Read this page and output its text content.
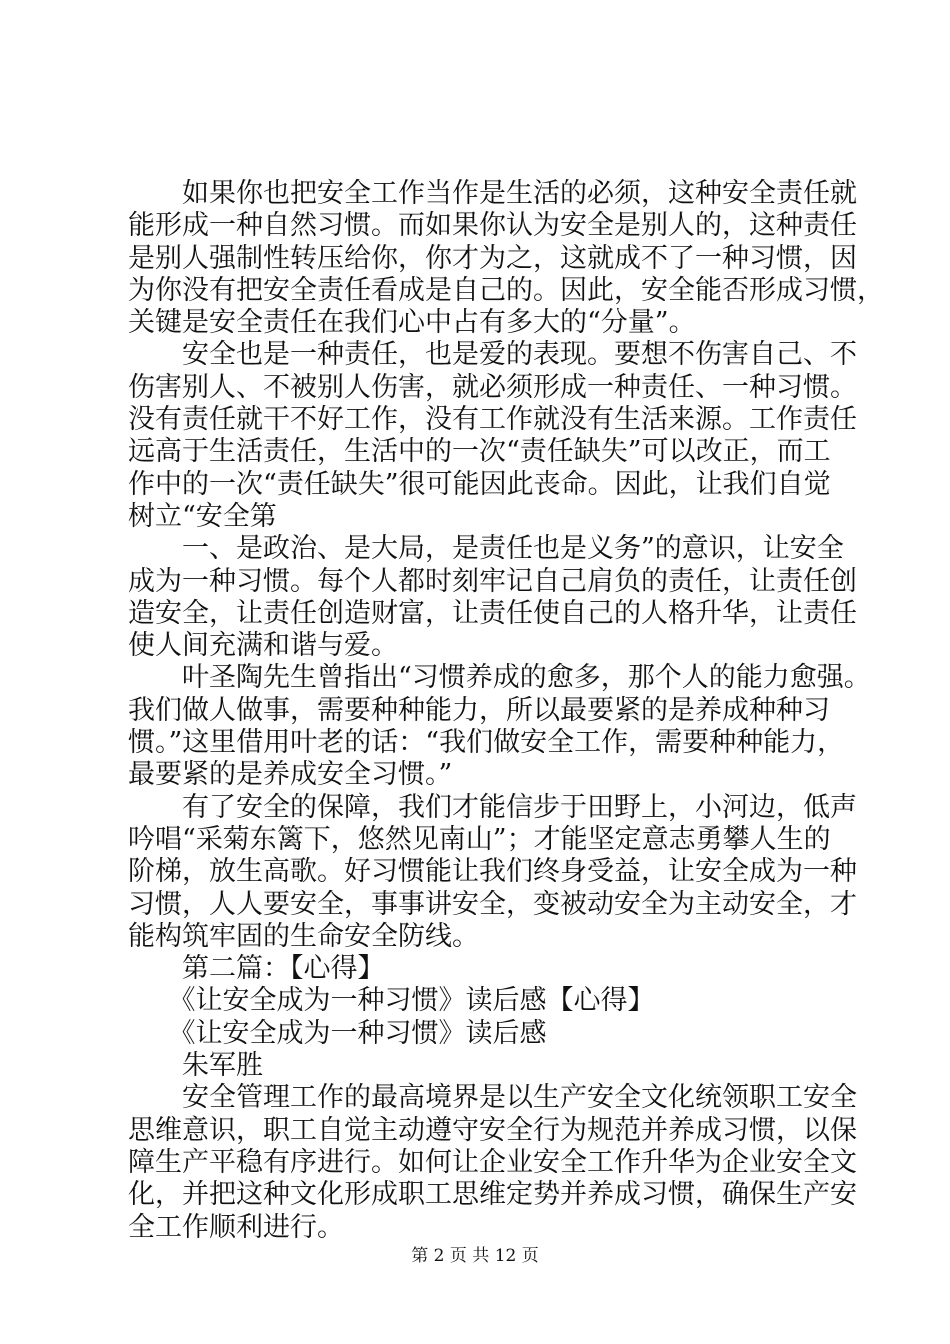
　　如果你也把安全工作当作是生活的必须，这种安全责任就

能形成一种自然习惯。而如果你认为安全是别人的，这种责任

是别人强制性转压给你，你才为之，这就成不了一种习惯，因

为你没有把安全责任看成是自己的。因此，安全能否形成习惯，

关键是安全责任在我们心中占有多大的“分量”。

　　安全也是一种责任，也是爱的表现。要想不伤害自己、不

伤害别人、不被别人伤害，就必须形成一种责任、一种习惯。

没有责任就干不好工作，没有工作就没有生活来源。工作责任

远高于生活责任，生活中的一次“责任缺失”可以改正，而工

作中的一次“责任缺失”很可能因此丧命。因此，让我们自觉

树立“安全第

　　一、是政治、是大局，是责任也是义务”的意识，让安全

成为一种习惯。每个人都时刻牢记自己肩负的责任，让责任创

造安全，让责任创造财富，让责任使自己的人格升华，让责任

使人间充满和谐与爱。

　　叶圣陶先生曾指出“习惯养成的愈多，那个人的能力愈强。

我们做人做事，需要种种能力，所以最要紧的是养成种种习

惯。”这里借用叶老的话：“我们做安全工作，需要种种能力，

最要紧的是养成安全习惯。”

　　有了安全的保障，我们才能信步于田野上，小河边，低声

吟唱“采菊东篱下，悠然见南山”；才能坚定意志勇攀人生的

阶梯，放生高歌。好习惯能让我们终身受益，让安全成为一种

习惯，人人要安全，事事讲安全，变被动安全为主动安全，才

能构筑牢固的生命安全防线。

　　第二篇：【心得】

　　《让安全成为一种习惯》读后感【心得】

　　《让安全成为一种习惯》读后感

　　朱军胜

　　安全管理工作的最高境界是以生产安全文化统领职工安全

思维意识，职工自觉主动遵守安全行为规范并养成习惯，以保

障生产平稳有序进行。如何让企业安全工作升华为企业安全文

化，并把这种文化形成职工思维定势并养成习惯，确保生产安

全工作顺利进行。

第 2 页 共 12 页
